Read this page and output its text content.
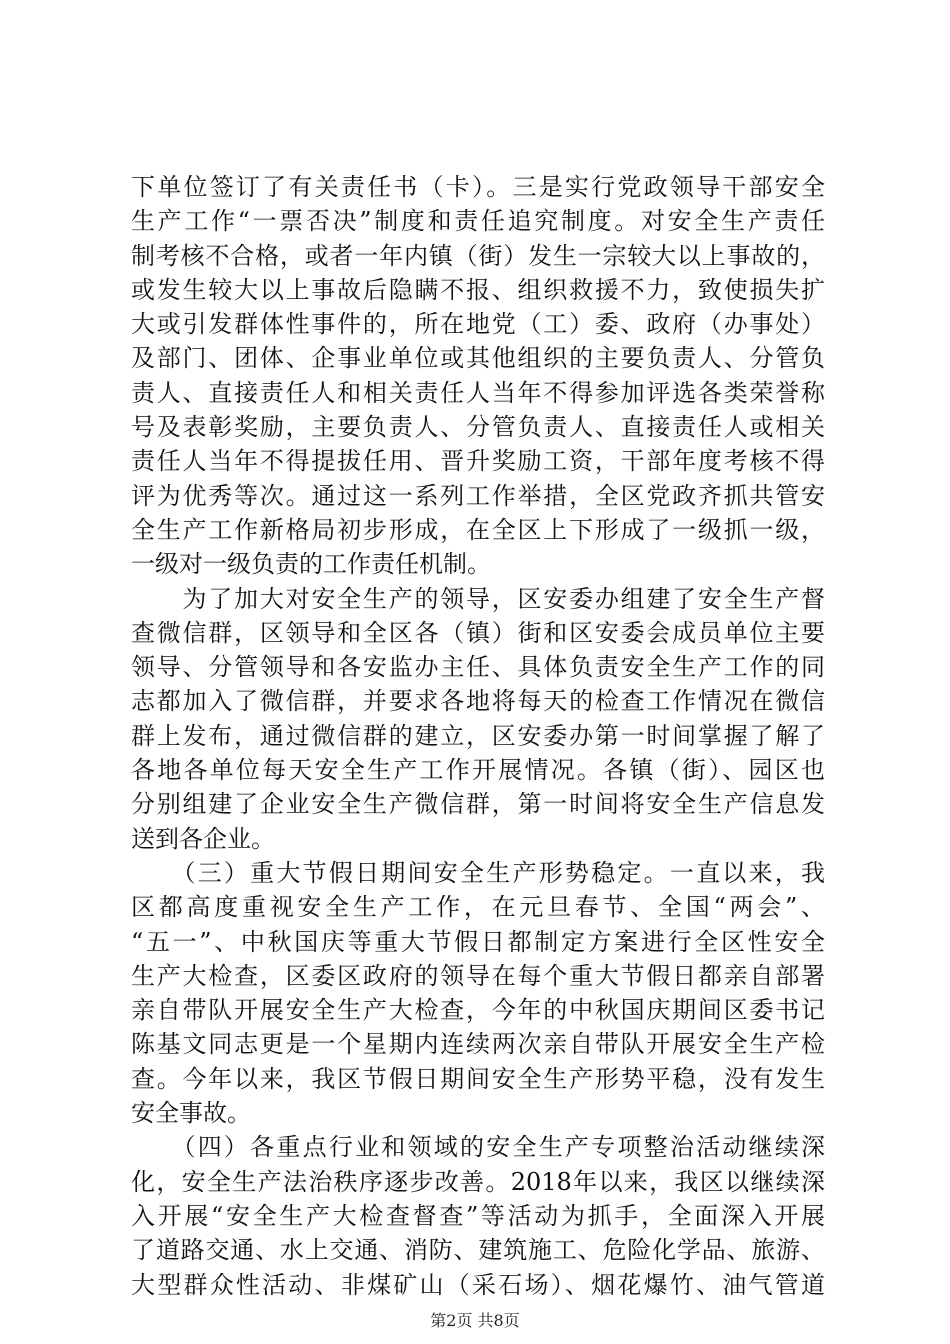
下单位签订了有关责任书（卡）。三是实行党政领导干部安全
生产工作“一票否决”制度和责任追究制度。对安全生产责任
制考核不合格，或者一年内镇（街）发生一宗较大以上事故的，
或发生较大以上事故后隐瞒不报、组织救援不力，致使损失扩
大或引发群体性事件的，所在地党（工）委、政府（办事处）
及部门、团体、企事业单位或其他组织的主要负责人、分管负
责人、直接责任人和相关责任人当年不得参加评选各类荣誉称
号及表彰奖励，主要负责人、分管负责人、直接责任人或相关
责任人当年不得提拔任用、晋升奖励工资，干部年度考核不得
评为优秀等次。通过这一系列工作举措，全区党政齐抓共管安
全生产工作新格局初步形成，在全区上下形成了一级抓一级，
一级对一级负责的工作责任机制。
　　为了加大对安全生产的领导，区安委办组建了安全生产督
查微信群，区领导和全区各（镇）街和区安委会成员单位主要
领导、分管领导和各安监办主任、具体负责安全生产工作的同
志都加入了微信群，并要求各地将每天的检查工作情况在微信
群上发布，通过微信群的建立，区安委办第一时间掌握了解了
各地各单位每天安全生产工作开展情况。各镇（街）、园区也
分别组建了企业安全生产微信群，第一时间将安全生产信息发
送到各企业。
　　（三）重大节假日期间安全生产形势稳定。一直以来，我
区都高度重视安全生产工作，在元旦春节、全国“两会”、
“五一”、中秋国庆等重大节假日都制定方案进行全区性安全
生产大检查，区委区政府的领导在每个重大节假日都亲自部署
亲自带队开展安全生产大检查，今年的中秋国庆期间区委书记
陈基文同志更是一个星期内连续两次亲自带队开展安全生产检
查。今年以来，我区节假日期间安全生产形势平稳，没有发生
安全事故。
　　（四）各重点行业和领域的安全生产专项整治活动继续深
化，安全生产法治秩序逐步改善。2018年以来，我区以继续深
入开展“安全生产大检查督查”等活动为抓手，全面深入开展
了道路交通、水上交通、消防、建筑施工、危险化学品、旅游、
大型群众性活动、非煤矿山（采石场）、烟花爆竹、油气管道
第2页 共8页
